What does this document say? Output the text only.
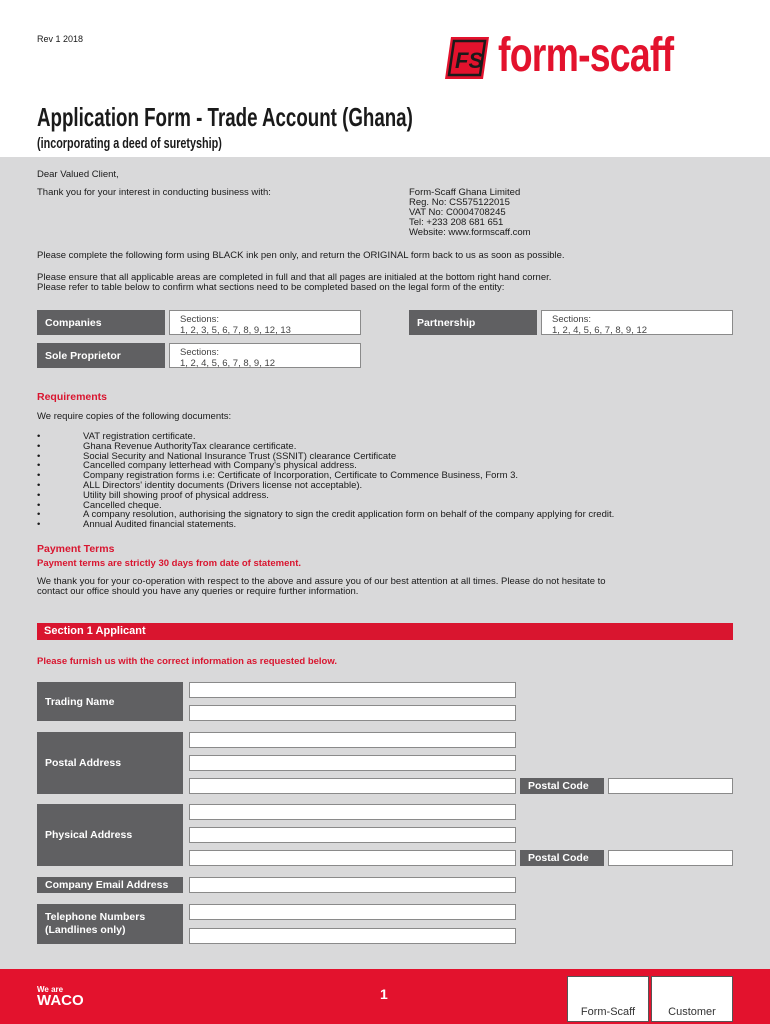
Rev 1 2018
FS form-scaff
Application Form - Trade Account (Ghana)
(incorporating a deed of suretyship)
Dear Valued Client,
Thank you for your interest in conducting business with:	Form-Scaff Ghana Limited
Reg. No: CS575122015
VAT No: C0004708245
Tel: +233 208 681 651
Website: www.formscaff.com
Please complete the following form using BLACK ink pen only, and return the ORIGINAL form back to us as soon as possible.
Please ensure that all applicable areas are completed in full and that all pages are initialed at the bottom right hand corner.
Please refer to table below to confirm what sections need to be completed based on the legal form of the entity:
Companies	Sections:
1, 2, 3, 5, 6, 7, 8, 9, 12, 13
Partnership	Sections:
1, 2, 4, 5, 6, 7, 8, 9, 12
Sole Proprietor	Sections:
1, 2, 4, 5, 6, 7, 8, 9, 12
Requirements
We require copies of the following documents:
• VAT registration certificate.
• Ghana Revenue AuthorityTax clearance certificate.
• Social Security and National Insurance Trust (SSNIT) clearance Certificate
• Cancelled company letterhead with Company's physical address.
• Company registration forms i.e: Certificate of Incorporation, Certificate to Commence Business, Form 3.
• ALL Directors' identity documents (Drivers license not acceptable).
• Utility bill showing proof of physical address.
• Cancelled cheque.
• A company resolution, authorising the signatory to sign the credit application form on behalf of the company applying for credit.
• Annual Audited financial statements.
Payment Terms
Payment terms are strictly 30 days from date of statement.
We thank you for your co-operation with respect to the above and assure you of our best attention at all times. Please do not hesitate to
contact our office should you have any queries or require further information.
Section 1 Applicant
Please furnish us with the correct information as requested below.
Trading Name
Postal Address
Postal Code
Physical Address
Postal Code
Company Email Address
Telephone Numbers
(Landlines only)
We are
WACO	1
Form-Scaff	Customer
